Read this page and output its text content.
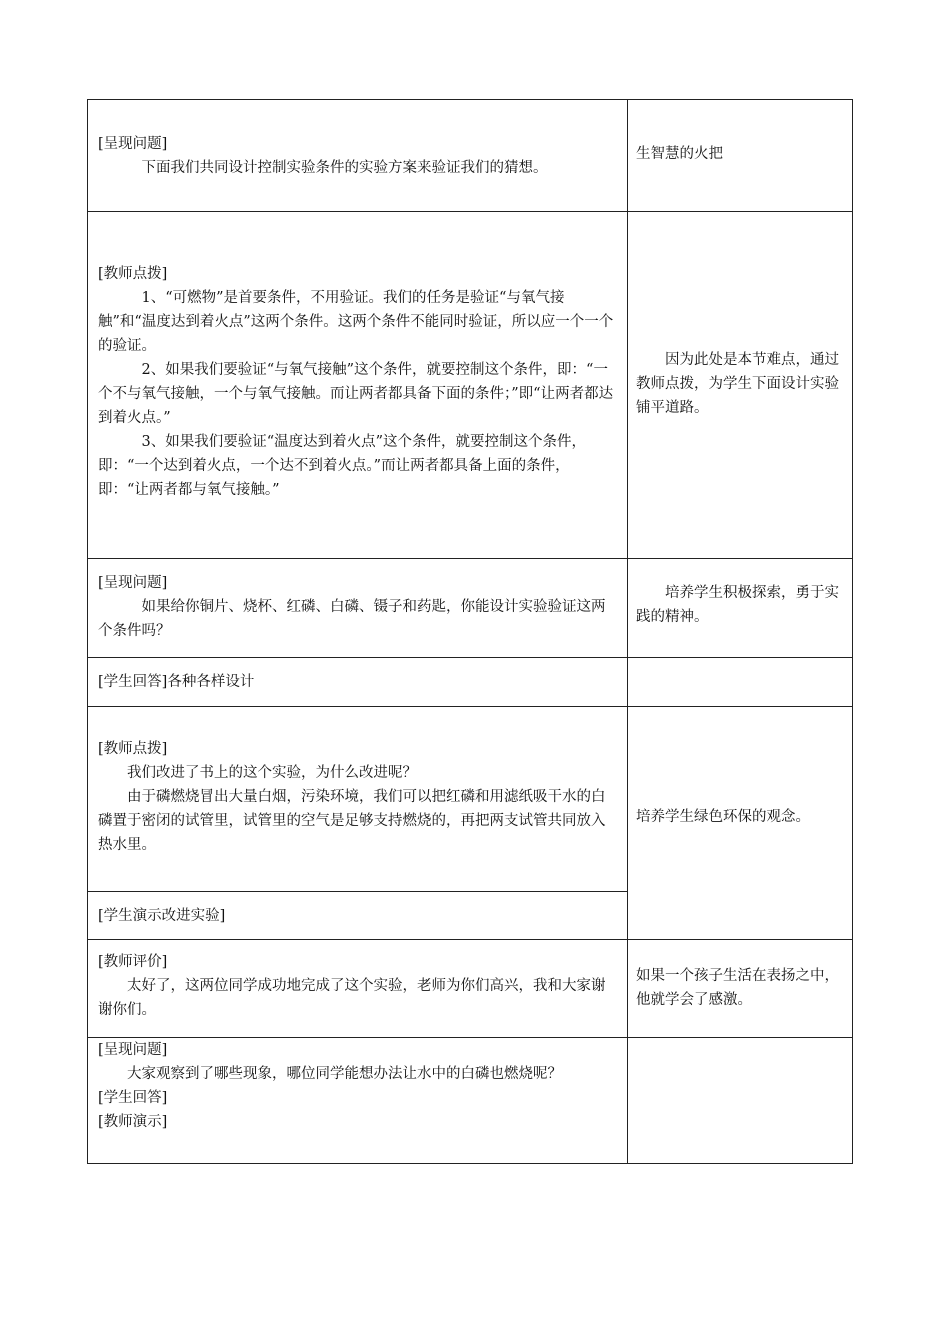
[呈现问题]

下面我们共同设计控制实验条件的实验方案来验证我们的猜想。	生智慧的火把

[教师点拨]

1、“可燃物”是首要条件，不用验证。我们的任务是验证“与氧气接触”和“温度达到着火点”这两个条件。这两个条件不能同时验证，所以应一个一个的验证。

2、如果我们要验证“与氧气接触”这个条件，就要控制这个条件，即：“一个不与氧气接触，一个与氧气接触。而让两者都具备下面的条件；”即“让两者都达到着火点。”

3、如果我们要验证“温度达到着火点”这个条件，就要控制这个条件，即：“一个达到着火点，一个达不到着火点。”而让两者都具备上面的条件，即：“让两者都与氧气接触。”	因为此处是本节难点，通过教师点拨，为学生下面设计实验铺平道路。

[呈现问题]

如果给你铜片、烧杯、红磷、白磷、镊子和药匙，你能设计实验验证这两个条件吗？	培养学生积极探索，勇于实践的精神。

[学生回答]各种各样设计	

[教师点拨]

我们改进了书上的这个实验，为什么改进呢？

由于磷燃烧冒出大量白烟，污染环境，我们可以把红磷和用滤纸吸干水的白磷置于密闭的试管里，试管里的空气是足够支持燃烧的，再把两支试管共同放入热水里。	培养学生绿色环保的观念。

[学生演示改进实验]	

[教师评价]

太好了，这两位同学成功地完成了这个实验，老师为你们高兴，我和大家谢谢你们。	如果一个孩子生活在表扬之中，他就学会了感激。

[呈现问题]

大家观察到了哪些现象，哪位同学能想办法让水中的白磷也燃烧呢？

[学生回答]

[教师演示]	
